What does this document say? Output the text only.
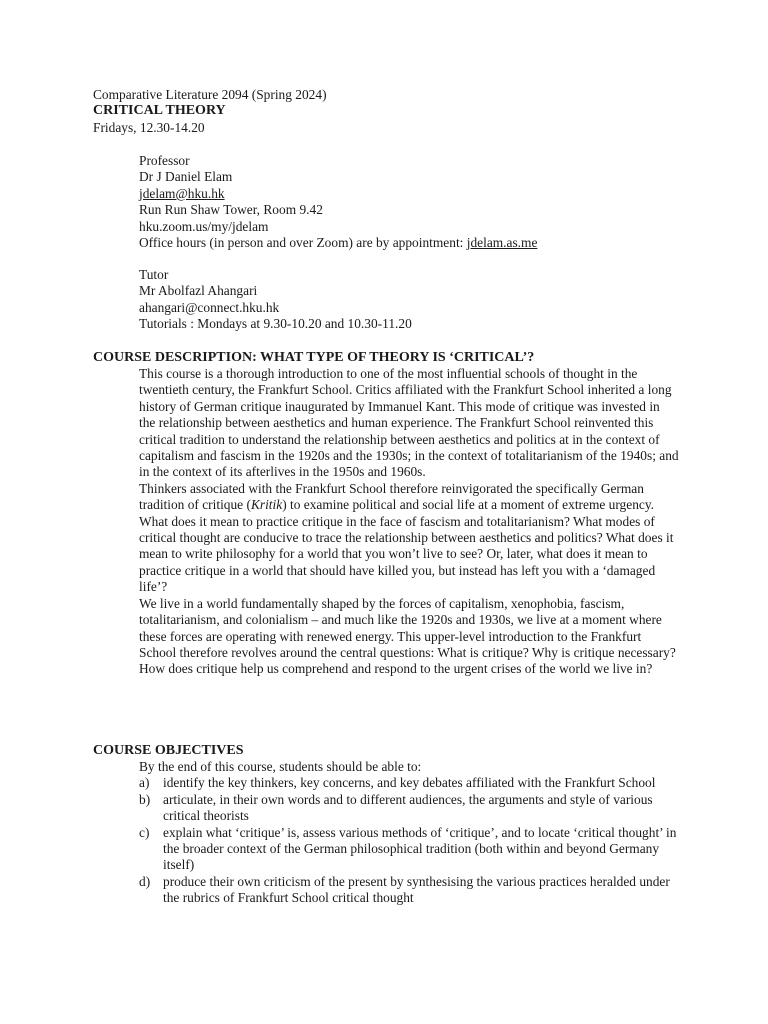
Comparative Literature 2094 (Spring 2024)
CRITICAL THEORY
Fridays, 12.30-14.20
Professor
Dr J Daniel Elam
jdelam@hku.hk
Run Run Shaw Tower, Room 9.42
hku.zoom.us/my/jdelam
Office hours (in person and over Zoom) are by appointment: jdelam.as.me
Tutor
Mr Abolfazl Ahangari
ahangari@connect.hku.hk
Tutorials : Mondays at 9.30-10.20 and 10.30-11.20
COURSE DESCRIPTION: WHAT TYPE OF THEORY IS ‘CRITICAL’?

This course is a thorough introduction to one of the most influential schools of thought in the twentieth century, the Frankfurt School. Critics affiliated with the Frankfurt School inherited a long history of German critique inaugurated by Immanuel Kant. This mode of critique was invested in the relationship between aesthetics and human experience. The Frankfurt School reinvented this critical tradition to understand the relationship between aesthetics and politics at in the context of capitalism and fascism in the 1920s and the 1930s; in the context of totalitarianism of the 1940s; and in the context of its afterlives in the 1950s and 1960s.

Thinkers associated with the Frankfurt School therefore reinvigorated the specifically German tradition of critique (Kritik) to examine political and social life at a moment of extreme urgency. What does it mean to practice critique in the face of fascism and totalitarianism? What modes of critical thought are conducive to trace the relationship between aesthetics and politics? What does it mean to write philosophy for a world that you won’t live to see? Or, later, what does it mean to practice critique in a world that should have killed you, but instead has left you with a ‘damaged life’?

We live in a world fundamentally shaped by the forces of capitalism, xenophobia, fascism, totalitarianism, and colonialism – and much like the 1920s and 1930s, we live at a moment where these forces are operating with renewed energy. This upper-level introduction to the Frankfurt School therefore revolves around the central questions: What is critique? Why is critique necessary? How does critique help us comprehend and respond to the urgent crises of the world we live in?

COURSE OBJECTIVES

By the end of this course, students should be able to:

a) identify the key thinkers, key concerns, and key debates affiliated with the Frankfurt School
b) articulate, in their own words and to different audiences, the arguments and style of various critical theorists
c) explain what ‘critique’ is, assess various methods of ‘critique’, and to locate ‘critical thought’ in the broader context of the German philosophical tradition (both within and beyond Germany itself)
d) produce their own criticism of the present by synthesising the various practices heralded under the rubrics of Frankfurt School critical thought
